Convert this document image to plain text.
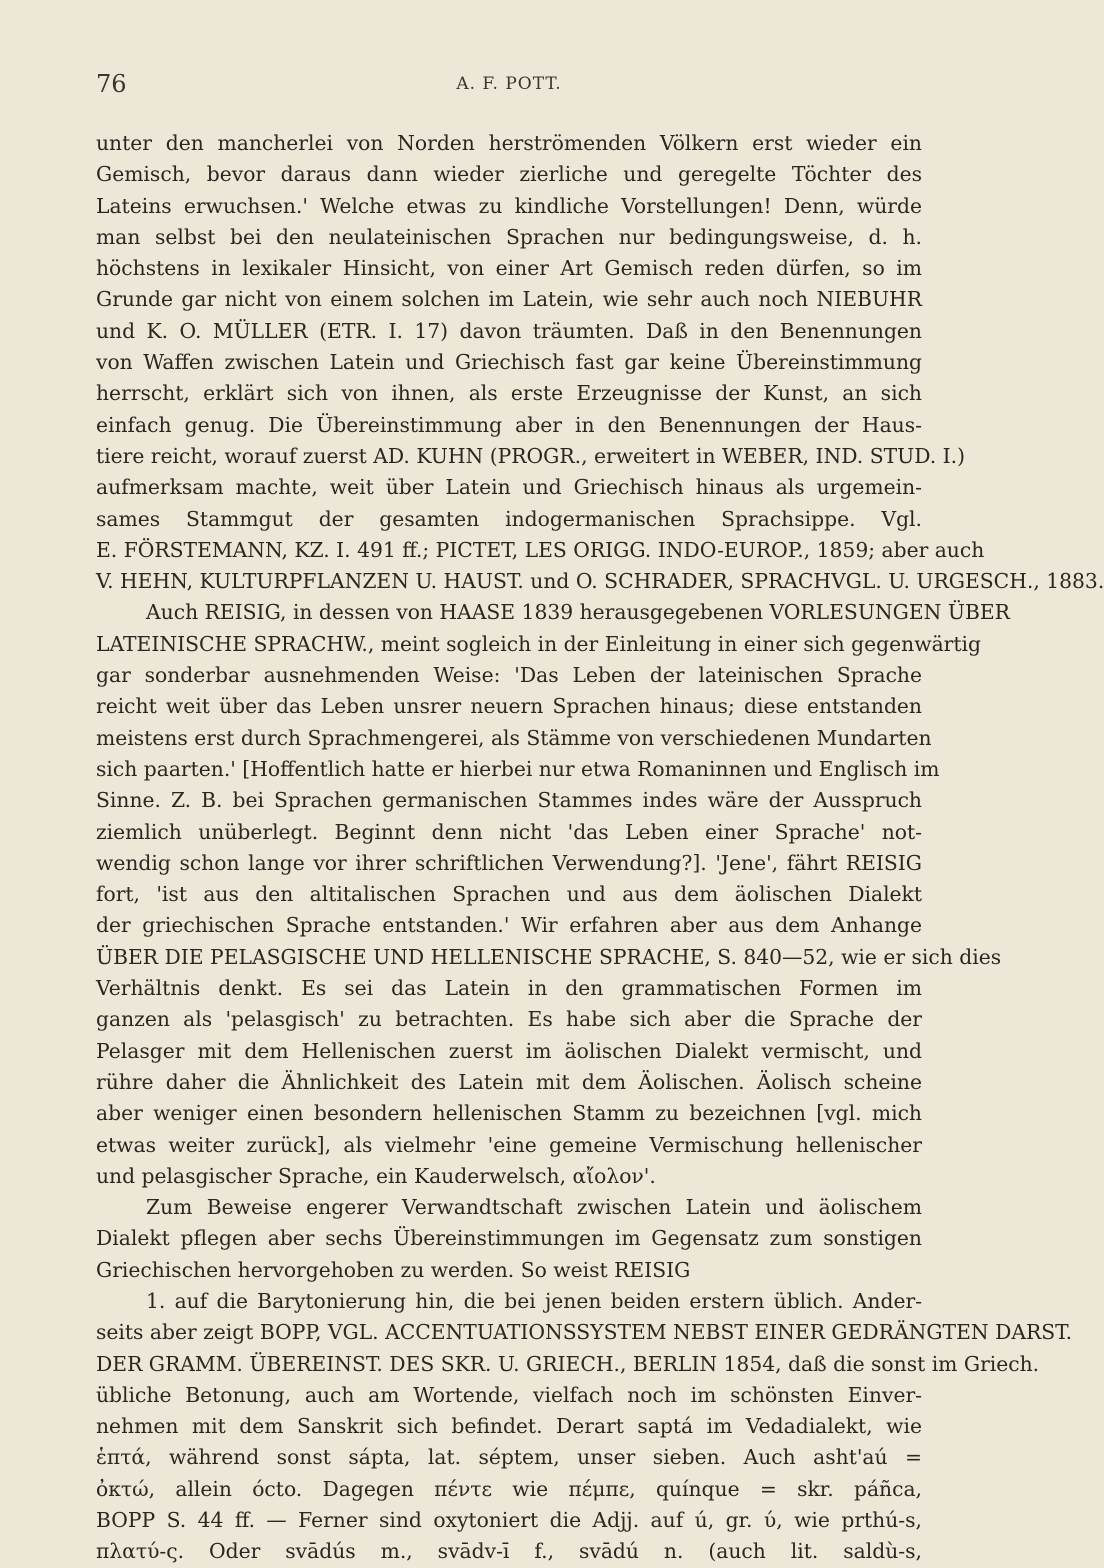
76	A. F. POTT.
unter den mancherlei von Norden herströmenden Völkern erst wieder ein
Gemisch, bevor daraus dann wieder zierliche und geregelte Töchter des
Lateins erwuchsen.' Welche etwas zu kindliche Vorstellungen! Denn, würde
man selbst bei den neulateinischen Sprachen nur bedingungsweise, d. h.
höchstens in lexikaler Hinsicht, von einer Art Gemisch reden dürfen, so im
Grunde gar nicht von einem solchen im Latein, wie sehr auch noch NIEBUHR
und K. O. MÜLLER (ETR. I. 17) davon träumten. Daß in den Benennungen
von Waffen zwischen Latein und Griechisch fast gar keine Übereinstimmung
herrscht, erklärt sich von ihnen, als erste Erzeugnisse der Kunst, an sich
einfach genug. Die Übereinstimmung aber in den Benennungen der Haus-
tiere reicht, worauf zuerst AD. KUHN (PROGR., erweitert in WEBER, IND. STUD. I.)
aufmerksam machte, weit über Latein und Griechisch hinaus als urgemein-
sames Stammgut der gesamten indogermanischen Sprachsippe. Vgl.
E. FÖRSTEMANN, KZ. I. 491 ff.; PICTET, LES ORIGG. INDO-EUROP., 1859; aber auch
V. HEHN, KULTURPFLANZEN U. HAUST. und O. SCHRADER, SPRACHVGL. U. URGESCH., 1883.
Auch REISIG, in dessen von HAASE 1839 herausgegebenen VORLESUNGEN ÜBER
LATEINISCHE SPRACHW., meint sogleich in der Einleitung in einer sich gegenwärtig
gar sonderbar ausnehmenden Weise: 'Das Leben der lateinischen Sprache
reicht weit über das Leben unsrer neuern Sprachen hinaus; diese entstanden
meistens erst durch Sprachmengerei, als Stämme von verschiedenen Mundarten
sich paarten.' [Hoffentlich hatte er hierbei nur etwa Romaninnen und Englisch im
Sinne. Z. B. bei Sprachen germanischen Stammes indes wäre der Ausspruch
ziemlich unüberlegt. Beginnt denn nicht 'das Leben einer Sprache' not-
wendig schon lange vor ihrer schriftlichen Verwendung?]. 'Jene', fährt REISIG
fort, 'ist aus den altitalischen Sprachen und aus dem äolischen Dialekt
der griechischen Sprache entstanden.' Wir erfahren aber aus dem Anhange
ÜBER DIE PELASGISCHE UND HELLENISCHE SPRACHE, S. 840—52, wie er sich dies
Verhältnis denkt. Es sei das Latein in den grammatischen Formen im
ganzen als 'pelasgisch' zu betrachten. Es habe sich aber die Sprache der
Pelasger mit dem Hellenischen zuerst im äolischen Dialekt vermischt, und
rühre daher die Ähnlichkeit des Latein mit dem Äolischen. Äolisch scheine
aber weniger einen besondern hellenischen Stamm zu bezeichnen [vgl. mich
etwas weiter zurück], als vielmehr 'eine gemeine Vermischung hellenischer
und pelasgischer Sprache, ein Kauderwelsch, αἴολον'.
Zum Beweise engerer Verwandtschaft zwischen Latein und äolischem
Dialekt pflegen aber sechs Übereinstimmungen im Gegensatz zum sonstigen
Griechischen hervorgehoben zu werden. So weist REISIG
1. auf die Barytonierung hin, die bei jenen beiden erstern üblich. Ander-
seits aber zeigt BOPP, VGL. ACCENTUATIONSSYSTEM NEBST EINER GEDRÄNGTEN DARST.
DER GRAMM. ÜBEREINST. DES SKR. U. GRIECH., BERLIN 1854, daß die sonst im Griech.
übliche Betonung, auch am Wortende, vielfach noch im schönsten Einver-
nehmen mit dem Sanskrit sich befindet. Derart saptá im Vedadialekt, wie
ἑπτά, während sonst sápta, lat. séptem, unser sieben. Auch asht'aú =
ὀκτώ, allein ócto. Dagegen πέντε wie πέμπε, quínque = skr. páñca,
BOPP S. 44 ff. — Ferner sind oxytoniert die Adjj. auf ú, gr. ύ, wie prthú-s,
πλατύ-ς. Oder svādús m., svādv-ī f., svādú n. (auch lit. saldù-s,
